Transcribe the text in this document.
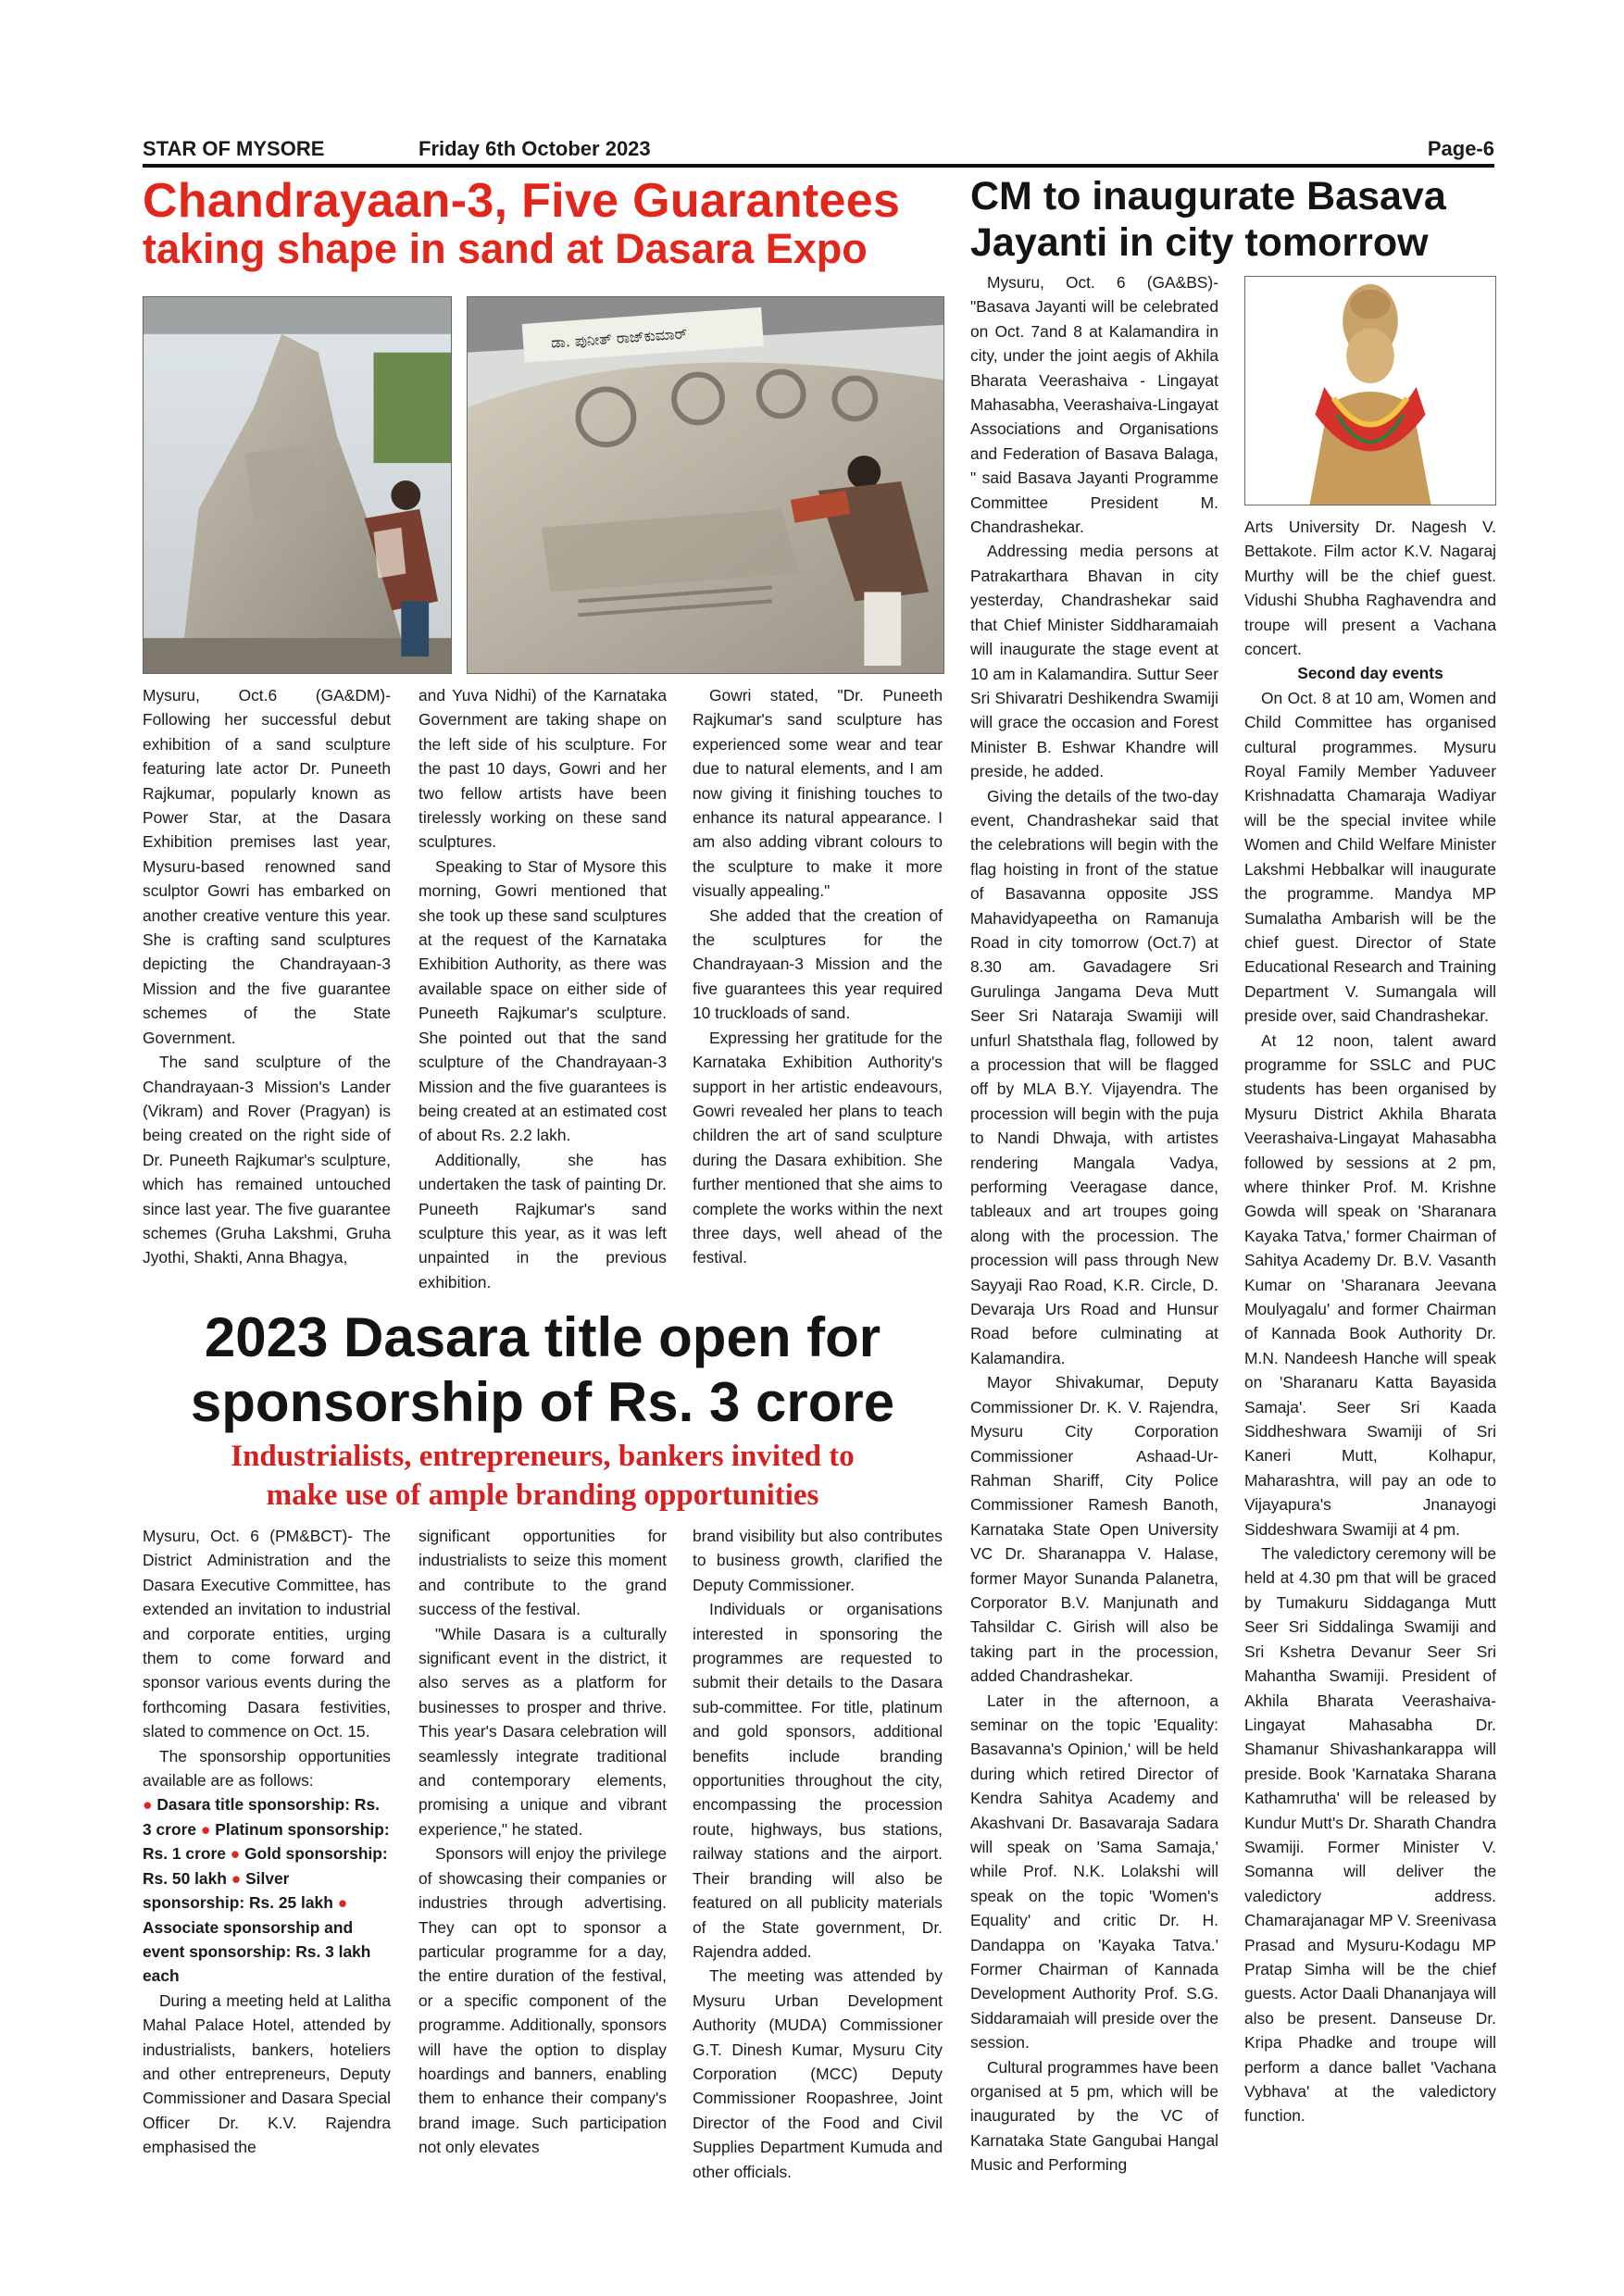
STAR OF MYSORE	Friday 6th October 2023	Page-6
Chandrayaan-3, Five Guarantees
taking shape in sand at Dasara Expo
CM to inaugurate Basava
Jayanti in city tomorrow
ಡಾ. ಪುನೀತ್ ರಾಜ್‌ಕುಮಾರ್

Mysuru, Oct.6 (GA&DM)- Following her successful debut exhibition of a sand sculpture featuring late actor Dr. Puneeth Rajkumar, popularly known as Power Star, at the Dasara Exhibition premises last year, Mysuru-based renowned sand sculptor Gowri has embarked on another creative venture this year. She is crafting sand sculptures depicting the Chandrayaan-3 Mission and the five guarantee schemes of the State Government.

The sand sculpture of the Chandrayaan-3 Mission's Lander (Vikram) and Rover (Pragyan) is being created on the right side of Dr. Puneeth Rajkumar's sculpture, which has remained untouched since last year. The five guarantee schemes (Gruha Lakshmi, Gruha Jyothi, Shakti, Anna Bhagya,

and Yuva Nidhi) of the Karnataka Government are taking shape on the left side of his sculpture. For the past 10 days, Gowri and her two fellow artists have been tirelessly working on these sand sculptures.

Speaking to Star of Mysore this morning, Gowri mentioned that she took up these sand sculptures at the request of the Karnataka Exhibition Authority, as there was available space on either side of Puneeth Rajkumar's sculpture. She pointed out that the sand sculpture of the Chandrayaan-3 Mission and the five guarantees is being created at an estimated cost of about Rs. 2.2 lakh.

Additionally, she has undertaken the task of painting Dr. Puneeth Rajkumar's sand sculpture this year, as it was left unpainted in the previous exhibition.

Gowri stated, "Dr. Puneeth Rajkumar's sand sculpture has experienced some wear and tear due to natural elements, and I am now giving it finishing touches to enhance its natural appearance. I am also adding vibrant colours to the sculpture to make it more visually appealing."

She added that the creation of the sculptures for the Chandrayaan-3 Mission and the five guarantees this year required 10 truckloads of sand.

Expressing her gratitude for the Karnataka Exhibition Authority's support in her artistic endeavours, Gowri revealed her plans to teach children the art of sand sculpture during the Dasara exhibition. She further mentioned that she aims to complete the works within the next three days, well ahead of the festival.

2023 Dasara title open for
sponsorship of Rs. 3 crore
Industrialists, entrepreneurs, bankers invited to
make use of ample branding opportunities

Mysuru, Oct. 6 (PM&BCT)- The District Administration and the Dasara Executive Committee, has extended an invitation to industrial and corporate entities, urging them to come forward and sponsor various events during the forthcoming Dasara festivities, slated to commence on Oct. 15.

The sponsorship opportunities available are as follows:

● Dasara title sponsorship: Rs. 3 crore ● Platinum sponsorship: Rs. 1 crore ● Gold sponsorship: Rs. 50 lakh ● Silver sponsorship: Rs. 25 lakh ● Associate sponsorship and event sponsorship: Rs. 3 lakh each

During a meeting held at Lalitha Mahal Palace Hotel, attended by industrialists, bankers, hoteliers and other entrepreneurs, Deputy Commissioner and Dasara Special Officer Dr. K.V. Rajendra emphasised the

significant opportunities for industrialists to seize this moment and contribute to the grand success of the festival.

"While Dasara is a culturally significant event in the district, it also serves as a platform for businesses to prosper and thrive. This year's Dasara celebration will seamlessly integrate traditional and contemporary elements, promising a unique and vibrant experience," he stated.

Sponsors will enjoy the privilege of showcasing their companies or industries through advertising. They can opt to sponsor a particular programme for a day, the entire duration of the festival, or a specific component of the programme. Additionally, sponsors will have the option to display hoardings and banners, enabling them to enhance their company's brand image. Such participation not only elevates

brand visibility but also contributes to business growth, clarified the Deputy Commissioner.

Individuals or organisations interested in sponsoring the programmes are requested to submit their details to the Dasara sub-committee. For title, platinum and gold sponsors, additional benefits include branding opportunities throughout the city, encompassing the procession route, highways, bus stations, railway stations and the airport. Their branding will also be featured on all publicity materials of the State government, Dr. Rajendra added.

The meeting was attended by Mysuru Urban Development Authority (MUDA) Commissioner G.T. Dinesh Kumar, Mysuru City Corporation (MCC) Deputy Commissioner Roopashree, Joint Director of the Food and Civil Supplies Department Kumuda and other officials.

Mysuru, Oct. 6 (GA&BS)- "Basava Jayanti will be celebrated on Oct. 7and 8 at Kalamandira in city, under the joint aegis of Akhila Bharata Veerashaiva - Lingayat Mahasabha, Veerashaiva-Lingayat Associations and Organisations and Federation of Basava Balaga, " said Basava Jayanti Programme Committee President M. Chandrashekar.

Addressing media persons at Patrakarthara Bhavan in city yesterday, Chandrashekar said that Chief Minister Siddharamaiah will inaugurate the stage event at 10 am in Kalamandira. Suttur Seer Sri Shivaratri Deshikendra Swamiji will grace the occasion and Forest Minister B. Eshwar Khandre will preside, he added.

Giving the details of the two-day event, Chandrashekar said that the celebrations will begin with the flag hoisting in front of the statue of Basavanna opposite JSS Mahavidyapeetha on Ramanuja Road in city tomorrow (Oct.7) at 8.30 am. Gavadagere Sri Gurulinga Jangama Deva Mutt Seer Sri Nataraja Swamiji will unfurl Shatsthala flag, followed by a procession that will be flagged off by MLA B.Y. Vijayendra. The procession will begin with the puja to Nandi Dhwaja, with artistes rendering Mangala Vadya, performing Veeragase dance, tableaux and art troupes going along with the procession. The procession will pass through New Sayyaji Rao Road, K.R. Circle, D. Devaraja Urs Road and Hunsur Road before culminating at Kalamandira.

Mayor Shivakumar, Deputy Commissioner Dr. K. V. Rajendra, Mysuru City Corporation Commissioner Ashaad-Ur-Rahman Shariff, City Police Commissioner Ramesh Banoth, Karnataka State Open University VC Dr. Sharanappa V. Halase, former Mayor Sunanda Palanetra, Corporator B.V. Manjunath and Tahsildar C. Girish will also be taking part in the procession, added Chandrashekar.

Later in the afternoon, a seminar on the topic 'Equality: Basavanna's Opinion,' will be held during which retired Director of Kendra Sahitya Academy and Akashvani Dr. Basavaraja Sadara will speak on 'Sama Samaja,' while Prof. N.K. Lolakshi will speak on the topic 'Women's Equality' and critic Dr. H. Dandappa on 'Kayaka Tatva.' Former Chairman of Kannada Development Authority Prof. S.G. Siddaramaiah will preside over the session.

Cultural programmes have been organised at 5 pm, which will be inaugurated by the VC of Karnataka State Gangubai Hangal Music and Performing

Arts University Dr. Nagesh V. Bettakote. Film actor K.V. Nagaraj Murthy will be the chief guest. Vidushi Shubha Raghavendra and troupe will present a Vachana concert.

Second day events

On Oct. 8 at 10 am, Women and Child Committee has organised cultural programmes. Mysuru Royal Family Member Yaduveer Krishnadatta Chamaraja Wadiyar will be the special invitee while Women and Child Welfare Minister Lakshmi Hebbalkar will inaugurate the programme. Mandya MP Sumalatha Ambarish will be the chief guest. Director of State Educational Research and Training Department V. Sumangala will preside over, said Chandrashekar.

At 12 noon, talent award programme for SSLC and PUC students has been organised by Mysuru District Akhila Bharata Veerashaiva-Lingayat Mahasabha followed by sessions at 2 pm, where thinker Prof. M. Krishne Gowda will speak on 'Sharanara Kayaka Tatva,' former Chairman of Sahitya Academy Dr. B.V. Vasanth Kumar on 'Sharanara Jeevana Moulyagalu' and former Chairman of Kannada Book Authority Dr. M.N. Nandeesh Hanche will speak on 'Sharanaru Katta Bayasida Samaja'. Seer Sri Kaada Siddheshwara Swamiji of Sri Kaneri Mutt, Kolhapur, Maharashtra, will pay an ode to Vijayapura's Jnanayogi Siddeshwara Swamiji at 4 pm.

The valedictory ceremony will be held at 4.30 pm that will be graced by Tumakuru Siddaganga Mutt Seer Sri Siddalinga Swamiji and Sri Kshetra Devanur Seer Sri Mahantha Swamiji. President of Akhila Bharata Veerashaiva-Lingayat Mahasabha Dr. Shamanur Shivashankarappa will preside. Book 'Karnataka Sharana Kathamrutha' will be released by Kundur Mutt's Dr. Sharath Chandra Swamiji. Former Minister V. Somanna will deliver the valedictory address. Chamarajanagar MP V. Sreenivasa Prasad and Mysuru-Kodagu MP Pratap Simha will be the chief guests. Actor Daali Dhananjaya will also be present. Danseuse Dr. Kripa Phadke and troupe will perform a dance ballet 'Vachana Vybhava' at the valedictory function.
